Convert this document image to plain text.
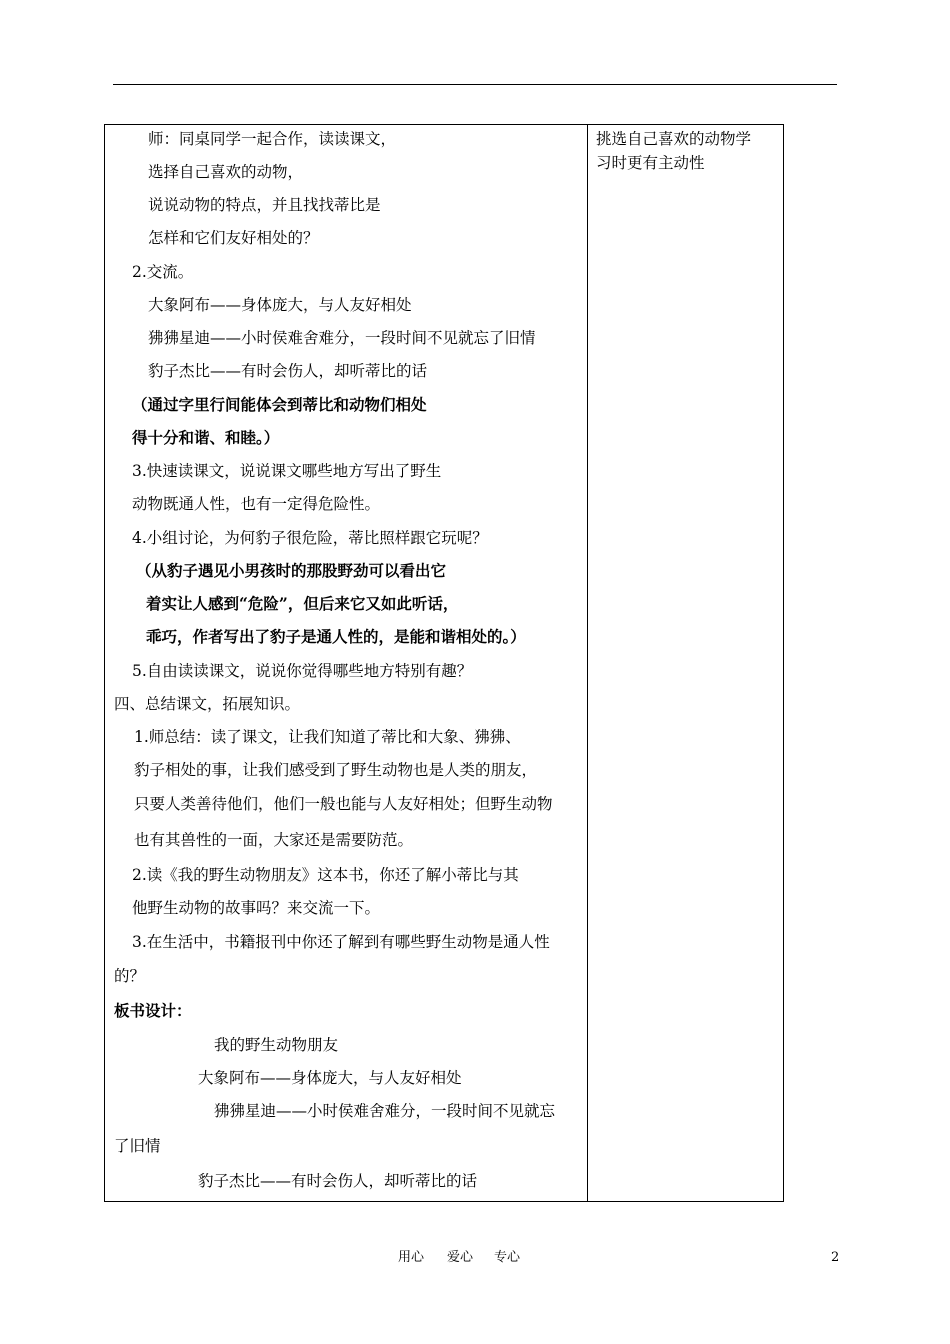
师：同桌同学一起合作，读读课文，
选择自己喜欢的动物，
说说动物的特点，并且找找蒂比是
怎样和它们友好相处的？
2.交流。
大象阿布——身体庞大，与人友好相处
狒狒星迪——小时侯难舍难分，一段时间不见就忘了旧情
豹子杰比——有时会伤人，却听蒂比的话
（通过字里行间能体会到蒂比和动物们相处
得十分和谐、和睦。）
3.快速读课文，说说课文哪些地方写出了野生
动物既通人性，也有一定得危险性。
4.小组讨论，为何豹子很危险，蒂比照样跟它玩呢？
（从豹子遇见小男孩时的那股野劲可以看出它
着实让人感到“危险”，但后来它又如此听话，
乖巧，作者写出了豹子是通人性的，是能和谐相处的。）
5.自由读读课文，说说你觉得哪些地方特别有趣？
四、总结课文，拓展知识。
1.师总结：读了课文，让我们知道了蒂比和大象、狒狒、
豹子相处的事，让我们感受到了野生动物也是人类的朋友，
只要人类善待他们，他们一般也能与人友好相处；但野生动物
也有其兽性的一面，大家还是需要防范。
2.读《我的野生动物朋友》这本书，你还了解小蒂比与其
他野生动物的故事吗？来交流一下。
3.在生活中，书籍报刊中你还了解到有哪些野生动物是通人性
的？
板书设计：
我的野生动物朋友
大象阿布——身体庞大，与人友好相处
狒狒星迪——小时侯难舍难分，一段时间不见就忘
了旧情
豹子杰比——有时会伤人，却听蒂比的话
挑选自己喜欢的动物学
习时更有主动性
用心 爱心 专心	2
